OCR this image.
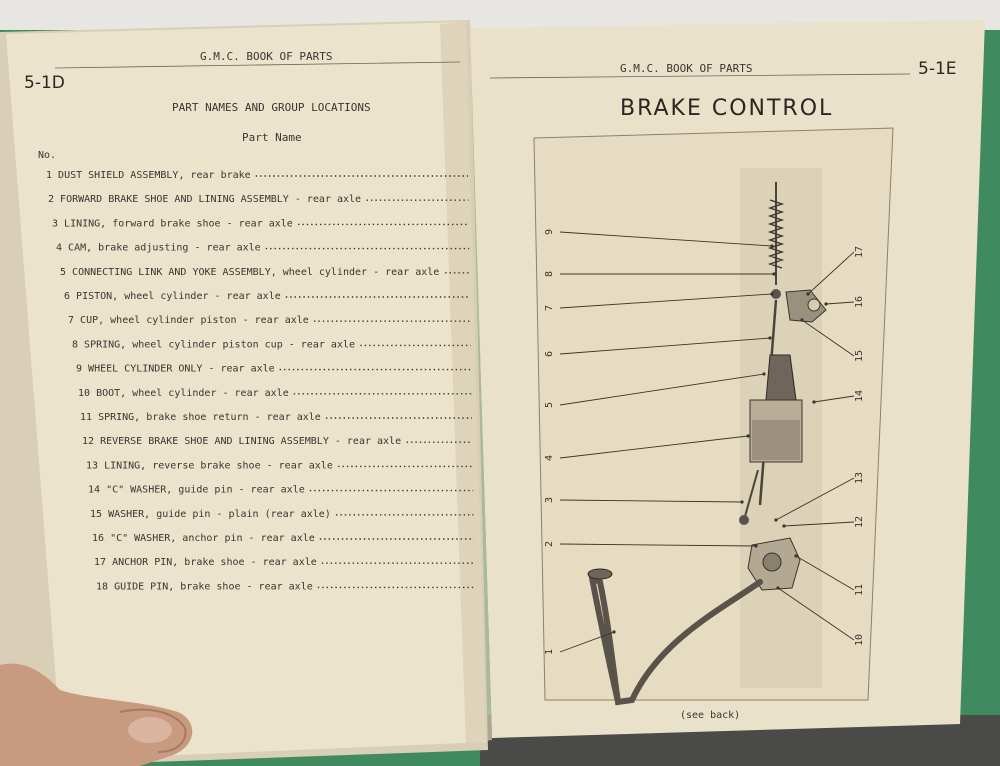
5-1D
G.M.C. BOOK OF PARTS
PART NAMES AND GROUP LOCATIONS
Part Name
No.
1 DUST SHIELD ASSEMBLY, rear brake
2 FORWARD BRAKE SHOE AND LINING ASSEMBLY - rear axle
3 LINING, forward brake shoe - rear axle
4 CAM, brake adjusting - rear axle
5 CONNECTING LINK AND YOKE ASSEMBLY, wheel cylinder - rear axle
6 PISTON, wheel cylinder - rear axle
7 CUP, wheel cylinder piston - rear axle
8 SPRING, wheel cylinder piston cup - rear axle
9 WHEEL CYLINDER ONLY - rear axle
10 BOOT, wheel cylinder - rear axle
11 SPRING, brake shoe return - rear axle
12 REVERSE BRAKE SHOE AND LINING ASSEMBLY - rear axle
13 LINING, reverse brake shoe - rear axle
14 "C" WASHER, guide pin - rear axle
15 WASHER, guide pin - plain (rear axle)
16 "C" WASHER, anchor pin - rear axle
17 ANCHOR PIN, brake shoe - rear axle
18 GUIDE PIN, brake shoe - rear axle
G.M.C. BOOK OF PARTS	5-1E
BRAKE CONTROL
1
2
3
4
5
6
7
8
9
10
11
12
13
14
15
16
17
(see back)
